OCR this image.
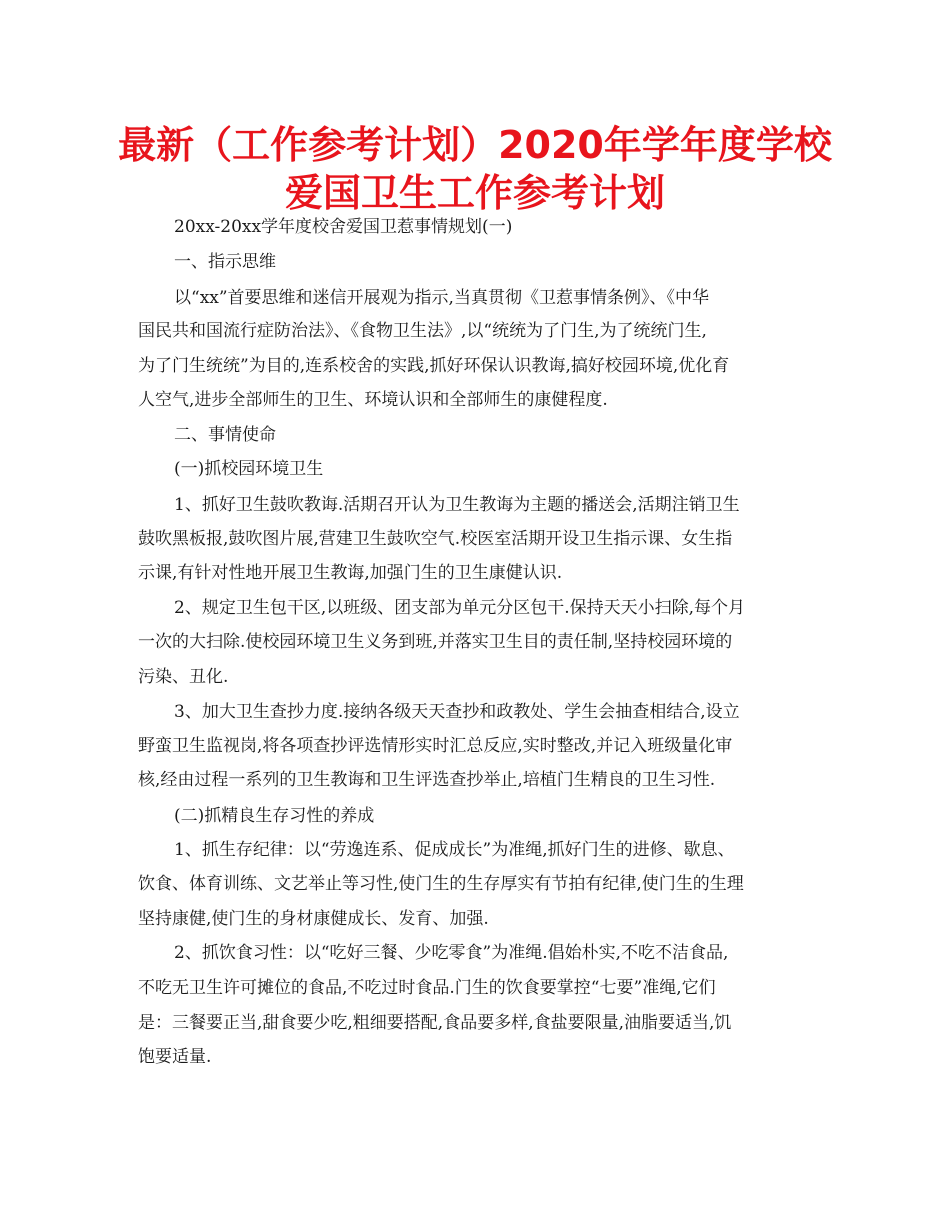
最新（工作参考计划）2020年学年度学校
爱国卫生工作参考计划
20xx-20xx学年度校舍爱国卫惹事情规划(一)
一、指示思维
以“xx”首要思维和迷信开展观为指示,当真贯彻《卫惹事情条例》、《中华
国民共和国流行症防治法》、《食物卫生法》,以“统统为了门生,为了统统门生,
为了门生统统”为目的,连系校舍的实践,抓好环保认识教诲,搞好校园环境,优化育
人空气,进步全部师生的卫生、环境认识和全部师生的康健程度.
二、事情使命
(一)抓校园环境卫生
1、抓好卫生鼓吹教诲.活期召开认为卫生教诲为主题的播送会,活期注销卫生
鼓吹黑板报,鼓吹图片展,营建卫生鼓吹空气.校医室活期开设卫生指示课、女生指
示课,有针对性地开展卫生教诲,加强门生的卫生康健认识.
2、规定卫生包干区,以班级、团支部为单元分区包干.保持天天小扫除,每个月
一次的大扫除.使校园环境卫生义务到班,并落实卫生目的责任制,坚持校园环境的
污染、丑化.
3、加大卫生查抄力度.接纳各级天天查抄和政教处、学生会抽查相结合,设立
野蛮卫生监视岗,将各项查抄评选情形实时汇总反应,实时整改,并记入班级量化审
核,经由过程一系列的卫生教诲和卫生评选查抄举止,培植门生精良的卫生习性.
(二)抓精良生存习性的养成
1、抓生存纪律：以“劳逸连系、促成成长”为准绳,抓好门生的进修、歇息、
饮食、体育训练、文艺举止等习性,使门生的生存厚实有节拍有纪律,使门生的生理
坚持康健,使门生的身材康健成长、发育、加强.
2、抓饮食习性：以“吃好三餐、少吃零食”为准绳.倡始朴实,不吃不洁食品,
不吃无卫生许可摊位的食品,不吃过时食品.门生的饮食要掌控“七要”准绳,它们
是：三餐要正当,甜食要少吃,粗细要搭配,食品要多样,食盐要限量,油脂要适当,饥
饱要适量.
